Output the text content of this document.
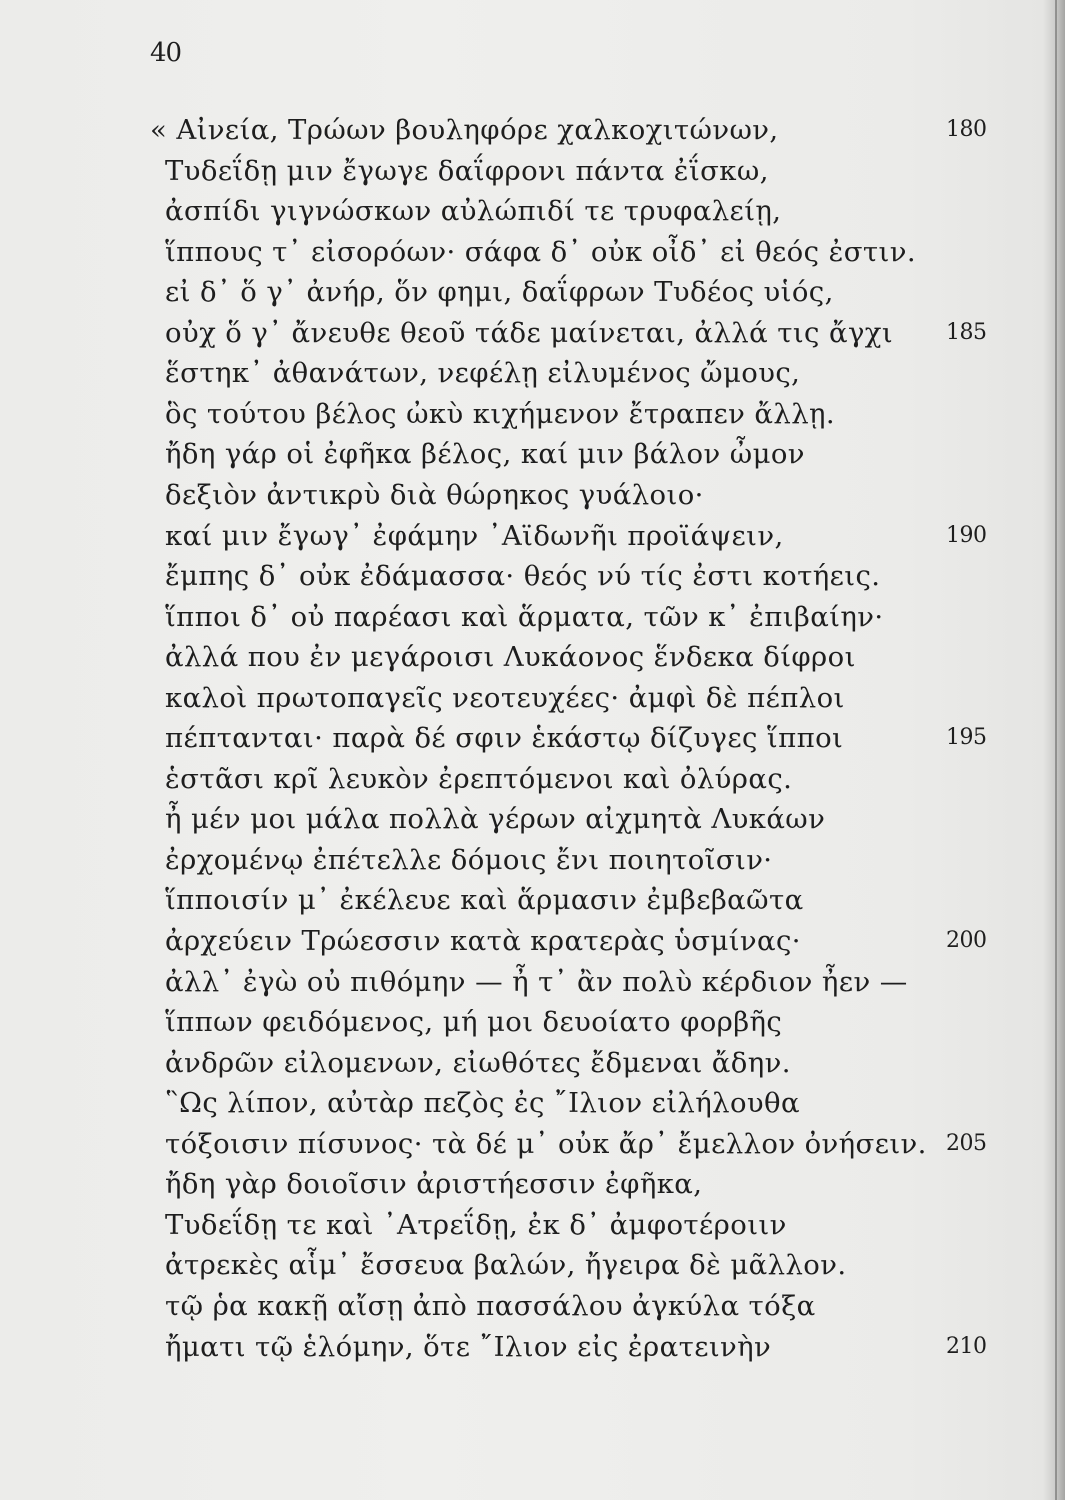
40
« Αἰνεία, Τρώων βουληφόρε χαλκοχιτώνων,	180
Τυδεΐδῃ μιν ἔγωγε δαΐφρονι πάντα ἐΐσκω,
ἀσπίδι γιγνώσκων αὐλώπιδί τε τρυφαλείῃ,
ἵππους τ᾽ εἰσορόων· σάφα δ᾽ οὐκ οἶδ᾽ εἰ θεός ἐστιν.
εἰ δ᾽ ὅ γ᾽ ἀνήρ, ὅν φημι, δαΐφρων Τυδέος υἱός,
οὐχ ὅ γ᾽ ἄνευθε θεοῦ τάδε μαίνεται, ἀλλά τις ἄγχι 185
ἕστηκ᾽ ἀθανάτων, νεφέλῃ εἰλυμένος ὤμους,
ὃς τούτου βέλος ὠκὺ κιχήμενον ἔτραπεν ἄλλῃ.
ἤδη γάρ οἱ ἐφῆκα βέλος, καί μιν βάλον ὦμον
δεξιὸν ἀντικρὺ διὰ θώρηκος γυάλοιο·
καί μιν ἔγωγ᾽ ἐφάμην ᾽Αϊδωνῆι προϊάψειν,	190
ἔμπης δ᾽ οὐκ ἐδάμασσα· θεός νύ τίς ἐστι κοτήεις.
ἵπποι δ᾽ οὐ παρέασι καὶ ἅρματα, τῶν κ᾽ ἐπιβαίην·
ἀλλά που ἐν μεγάροισι Λυκάονος ἕνδεκα δίφροι
καλοὶ πρωτοπαγεῖς νεοτευχέες· ἀμφὶ δὲ πέπλοι
πέπτανται· παρὰ δέ σφιν ἑκάστῳ δίζυγες ἵπποι	195
ἑστᾶσι κρῖ λευκὸν ἐρεπτόμενοι καὶ ὀλύρας.
ἦ μέν μοι μάλα πολλὰ γέρων αἰχμητὰ Λυκάων
ἐρχομένῳ ἐπέτελλε δόμοις ἔνι ποιητοῖσιν·
ἵπποισίν μ᾽ ἐκέλευε καὶ ἅρμασιν ἐμβεβαῶτα
ἀρχεύειν Τρώεσσιν κατὰ κρατερὰς ὑσμίνας·	200
ἀλλ᾽ ἐγὼ οὐ πιθόμην — ἦ τ᾽ ἂν πολὺ κέρδιον ἦεν —
ἵππων φειδόμενος, μή μοι δευοίατο φορβῆς
ἀνδρῶν εἰλομενων, εἰωθότες ἔδμεναι ἄδην.
῝Ως λίπον, αὐτὰρ πεζὸς ἐς ῎Ιλιον εἰλήλουθα
τόξοισιν πίσυνος· τὰ δέ μ᾽ οὐκ ἄρ᾽ ἔμελλον ὀνήσειν. 205
ἤδη γὰρ δοιοῖσιν ἀριστήεσσιν ἐφῆκα,
Τυδεΐδῃ τε καὶ ᾽Ατρεΐδῃ, ἐκ δ᾽ ἀμφοτέροιιν
ἀτρεκὲς αἷμ᾽ ἔσσευα βαλών, ἤγειρα δὲ μᾶλλον.
τῷ ῥα κακῇ αἴσῃ ἀπὸ πασσάλου ἀγκύλα τόξα
ἤματι τῷ ἑλόμην, ὅτε ῎Ιλιον εἰς ἐρατεινὴν	210
